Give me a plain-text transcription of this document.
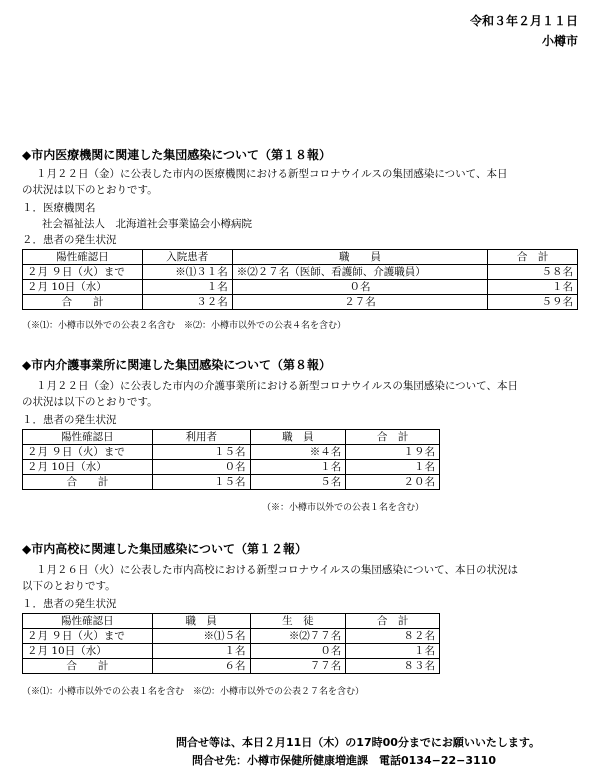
令和３年２月１１日
小樽市
◆市内医療機関に関連した集団感染について（第１８報）
１月２２日（金）に公表した市内の医療機関における新型コロナウイルスの集団感染について、本日
の状況は以下のとおりです。
１．医療機関名
社会福祉法人　北海道社会事業協会小樽病院
２．患者の発生状況
陽性確認日	入院患者	職　　員	合　計
２月 ９日（火）まで	※⑴３１名	※⑵２７名（医師、看護師、介護職員）	５８名
２月 10日（水）	１名	０名	１名
合　　計	３２名	２７名	５９名
（※⑴：小樽市以外での公表２名含む　※⑵：小樽市以外での公表４名を含む）
◆市内介護事業所に関連した集団感染について（第８報）
１月２２日（金）に公表した市内の介護事業所における新型コロナウイルスの集団感染について、本日
の状況は以下のとおりです。
１．患者の発生状況
陽性確認日	利用者	職　員	合　計
２月 ９日（火）まで	１５名	※４名	１９名
２月 10日（水）	０名	１名	１名
合　　計	１５名	５名	２０名
（※：小樽市以外での公表１名を含む）
◆市内高校に関連した集団感染について（第１２報）
１月２６日（火）に公表した市内高校における新型コロナウイルスの集団感染について、本日の状況は
以下のとおりです。
１．患者の発生状況
陽性確認日	職　員	生　徒	合　計
２月 ９日（火）まで	※⑴５名	※⑵７７名	８２名
２月 10日（水）	１名	０名	１名
合　　計	６名	７７名	８３名
（※⑴：小樽市以外での公表１名を含む　※⑵：小樽市以外での公表２７名を含む）
問合せ等は、本日２月11日（木）の17時00分までにお願いいたします。
問合せ先：小樽市保健所健康増進課　電話0134−22−3110
